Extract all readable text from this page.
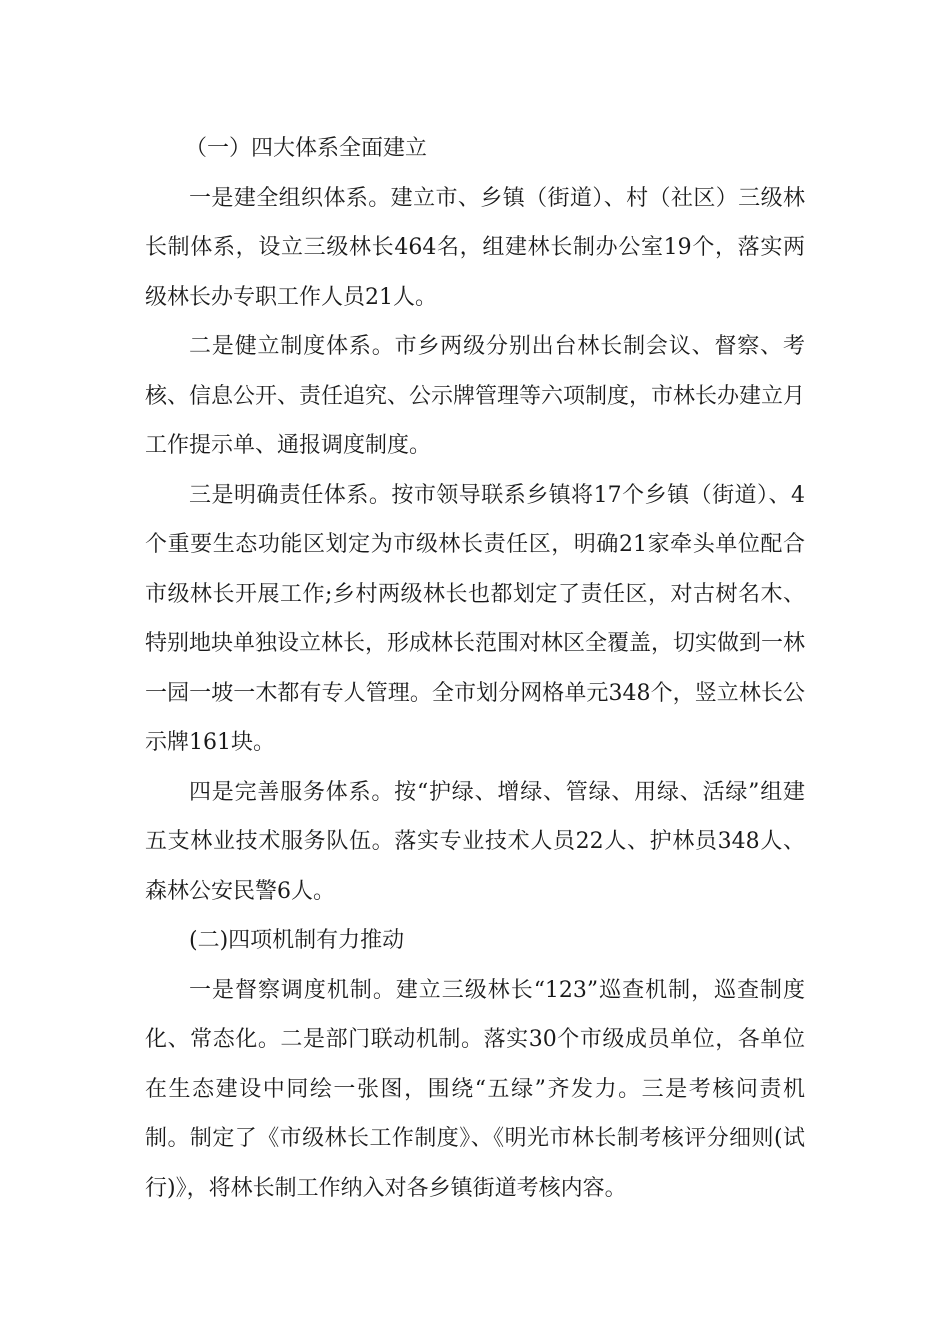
（一）四大体系全面建立

一是建全组织体系。建立市、乡镇（街道）、村（社区）三级林长制体系，设立三级林长464名，组建林长制办公室19个，落实两级林长办专职工作人员21人。

二是健立制度体系。市乡两级分别出台林长制会议、督察、考核、信息公开、责任追究、公示牌管理等六项制度，市林长办建立月工作提示单、通报调度制度。

三是明确责任体系。按市领导联系乡镇将17个乡镇（街道）、4个重要生态功能区划定为市级林长责任区，明确21家牵头单位配合市级林长开展工作;乡村两级林长也都划定了责任区，对古树名木、特别地块单独设立林长，形成林长范围对林区全覆盖，切实做到一林一园一坡一木都有专人管理。全市划分网格单元348个，竖立林长公示牌161块。

四是完善服务体系。按“护绿、增绿、管绿、用绿、活绿”组建五支林业技术服务队伍。落实专业技术人员22人、护林员348人、森林公安民警6人。

(二)四项机制有力推动

一是督察调度机制。建立三级林长“123”巡查机制，巡查制度化、常态化。二是部门联动机制。落实30个市级成员单位，各单位在生态建设中同绘一张图，围绕“五绿”齐发力。三是考核问责机制。制定了《市级林长工作制度》、《明光市林长制考核评分细则(试行)》，将林长制工作纳入对各乡镇街道考核内容。
